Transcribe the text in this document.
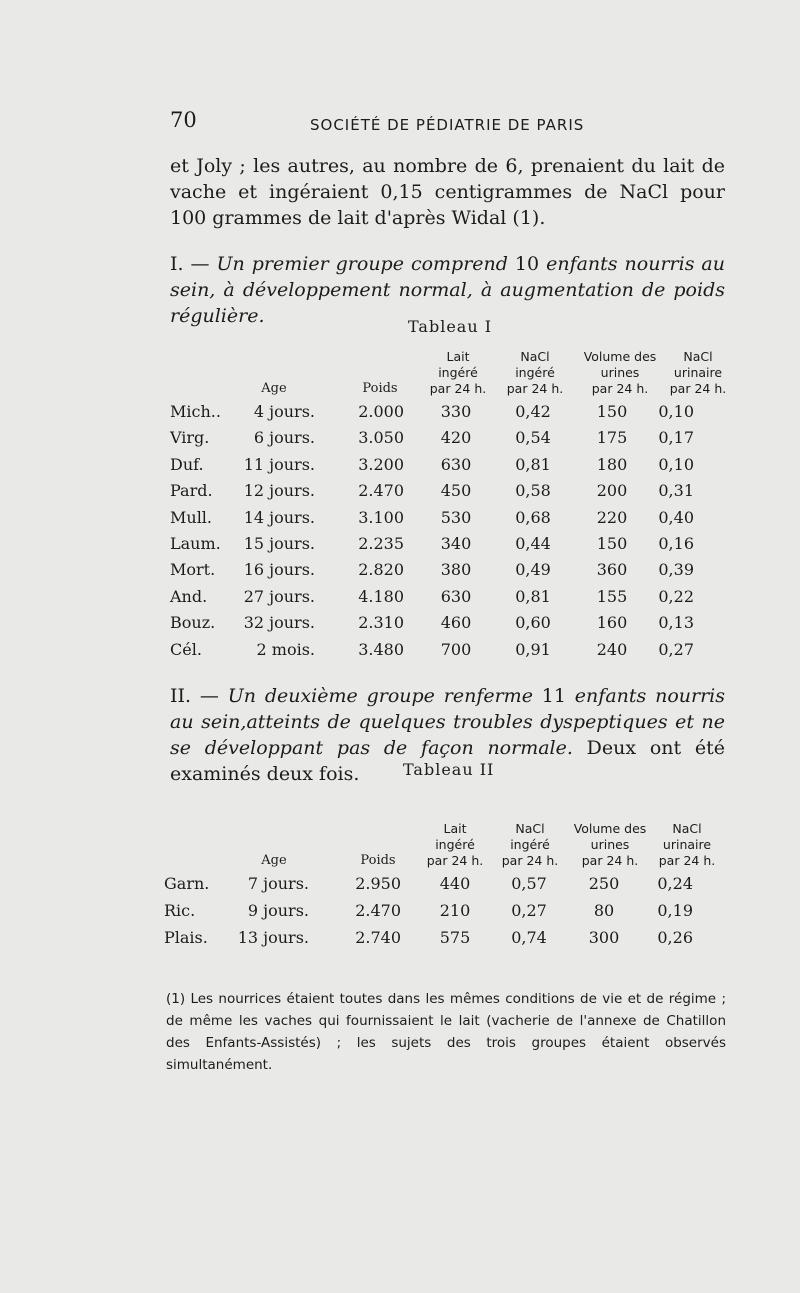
70	SOCIÉTÉ DE PÉDIATRIE DE PARIS
et Joly ; les autres, au nombre de 6, prenaient du lait de vache et ingéraient 0,15 centigrammes de NaCl pour 100 grammes de lait d'après Widal (1).
I. — Un premier groupe comprend 10 enfants nourris au sein, à développement normal, à augmentation de poids régulière.	Tableau I
Age	Poids
Lait
ingéré
par 24 h.
NaCl
ingéré
par 24 h.
Volume des
urines
par 24 h.
NaCl
urinaire
par 24 h.
Mich.. 4 jours.	2.000	330	0,42	150	0,10
Virg.	6 jours.	3.050	420	0,54	175	0,17
Duf.	11 jours.	3.200	630	0,81	180	0,10
Pard. 12 jours.	2.470	450	0,58	200	0,31
Mull. 14 jours.	3.100	530	0,68	220	0,40
Laum. 15 jours.	2.235	340	0,44	150	0,16
Mort. 16 jours.	2.820	380	0,49	360	0,39
And. 27 jours.	4.180	630	0,81	155	0,22
Bouz. 32 jours.	2.310	460	0,60	160	0,13
Cél.	2 mois.	3.480	700	0,91	240	0,27
II. — Un deuxième groupe renferme 11 enfants nourris au sein,atteints de quelques troubles dyspeptiques et ne se développant pas de façon normale. Deux ont été examinés deux fois.	Tableau II
Age	Poids
Lait
ingéré
par 24 h.
NaCl
ingéré
par 24 h.
Volume des
urines
par 24 h.
NaCl
urinaire
par 24 h.
Garn. 7 jours.	2.950	440	0,57	250	0,24
Ric.	9 jours.	2.470	210	0,27	80	0,19
Plais. 13 jours.	2.740	575	0,74	300	0,26
(1) Les nourrices étaient toutes dans les mêmes conditions de vie et de régime ; de même les vaches qui fournissaient le lait (vacherie de l'annexe de Chatillon des Enfants-Assistés) ; les sujets des trois groupes étaient observés simultanément.
